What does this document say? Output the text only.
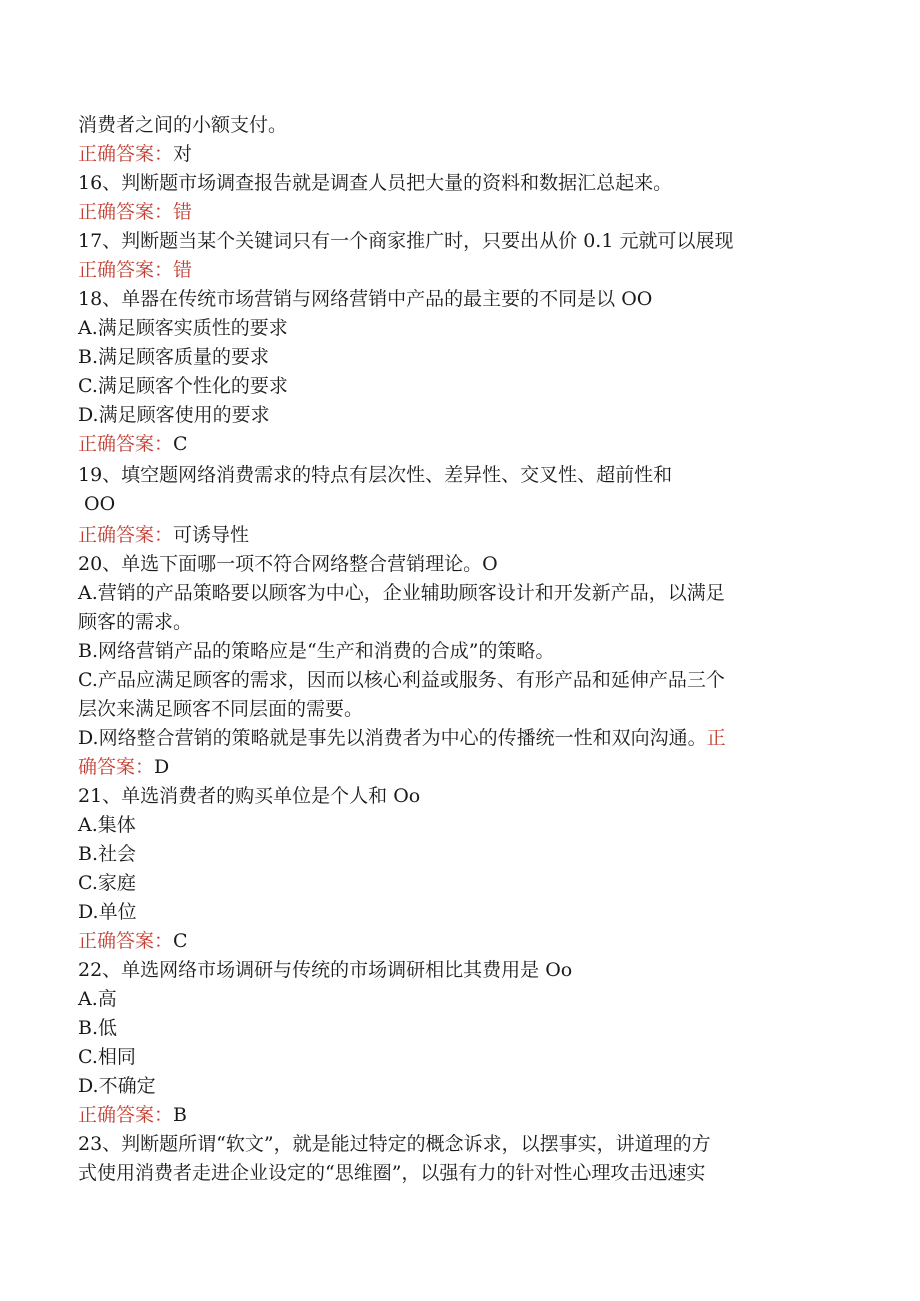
消费者之间的小额支付。
正确答案：对
16、判断题市场调查报告就是调查人员把大量的资料和数据汇总起来。
正确答案：错
17、判断题当某个关键词只有一个商家推广时，只要出从价 0.1 元就可以展现
正确答案：错
18、单器在传统市场营销与网络营销中产品的最主要的不同是以 OO
A.满足顾客实质性的要求
B.满足顾客质量的要求
C.满足顾客个性化的要求
D.满足顾客使用的要求
正确答案：C
19、填空题网络消费需求的特点有层次性、差异性、交叉性、超前性和
OO
正确答案：可诱导性
20、单选下面哪一项不符合网络整合营销理论。O
A.营销的产品策略要以顾客为中心，企业辅助顾客设计和开发新产品，以满足
顾客的需求。
B.网络营销产品的策略应是“生产和消费的合成”的策略。
C.产品应满足顾客的需求，因而以核心利益或服务、有形产品和延伸产品三个
层次来满足顾客不同层面的需要。
D.网络整合营销的策略就是事先以消费者为中心的传播统一性和双向沟通。正
确答案：D
21、单选消费者的购买单位是个人和 Oo
A.集体
B.社会
C.家庭
D.单位
正确答案：C
22、单选网络市场调研与传统的市场调研相比其费用是 Oo
A.高
B.低
C.相同
D.不确定
正确答案：B
23、判断题所谓“软文”，就是能过特定的概念诉求，以摆事实，讲道理的方
式使用消费者走进企业设定的“思维圈”，以强有力的针对性心理攻击迅速实
